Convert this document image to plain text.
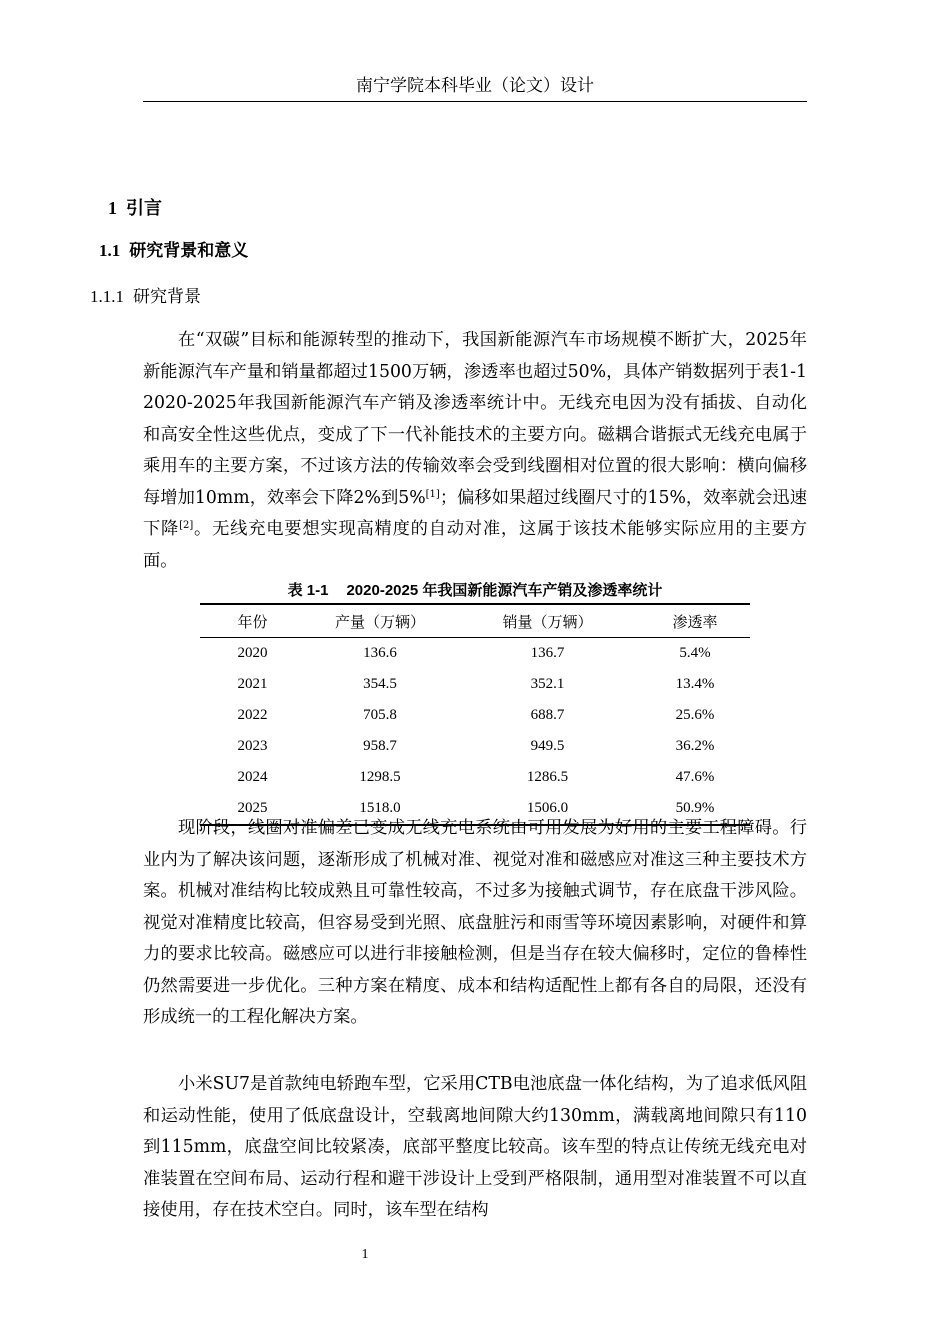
南宁学院本科毕业（论文）设计
1 引言
1.1 研究背景和意义
1.1.1 研究背景

在“双碳”目标和能源转型的推动下，我国新能源汽车市场规模不断扩大，2025年新能源汽车产量和销量都超过1500万辆，渗透率也超过50%，具体产销数据列于表1-1　2020-2025年我国新能源汽车产销及渗透率统计中。无线充电因为没有插拔、自动化和高安全性这些优点，变成了下一代补能技术的主要方向。磁耦合谐振式无线充电属于乘用车的主要方案，不过该方法的传输效率会受到线圈相对位置的很大影响：横向偏移每增加10mm，效率会下降2%到5%[1]；偏移如果超过线圈尺寸的15%，效率就会迅速下降[2]。无线充电要想实现高精度的自动对准，这属于该技术能够实际应用的主要方面。

表 1-1 2020-2025 年我国新能源汽车产销及渗透率统计
年份	产量（万辆）	销量（万辆）	渗透率
2020	136.6	136.7	5.4%
2021	354.5	352.1	13.4%
2022	705.8	688.7	25.6%
2023	958.7	949.5	36.2%
2024	1298.5	1286.5	47.6%
2025	1518.0	1506.0	50.9%

现阶段，线圈对准偏差已变成无线充电系统由可用发展为好用的主要工程障碍。行业内为了解决该问题，逐渐形成了机械对准、视觉对准和磁感应对准这三种主要技术方案。机械对准结构比较成熟且可靠性较高，不过多为接触式调节，存在底盘干涉风险。视觉对准精度比较高，但容易受到光照、底盘脏污和雨雪等环境因素影响，对硬件和算力的要求比较高。磁感应可以进行非接触检测，但是当存在较大偏移时，定位的鲁棒性仍然需要进一步优化。三种方案在精度、成本和结构适配性上都有各自的局限，还没有形成统一的工程化解决方案。

小米SU7是首款纯电轿跑车型，它采用CTB电池底盘一体化结构，为了追求低风阻和运动性能，使用了低底盘设计，空载离地间隙大约130mm，满载离地间隙只有110到115mm，底盘空间比较紧凑，底部平整度比较高。该车型的特点让传统无线充电对准装置在空间布局、运动行程和避干涉设计上受到严格限制，通用型对准装置不可以直接使用，存在技术空白。同时，该车型在结构

1
